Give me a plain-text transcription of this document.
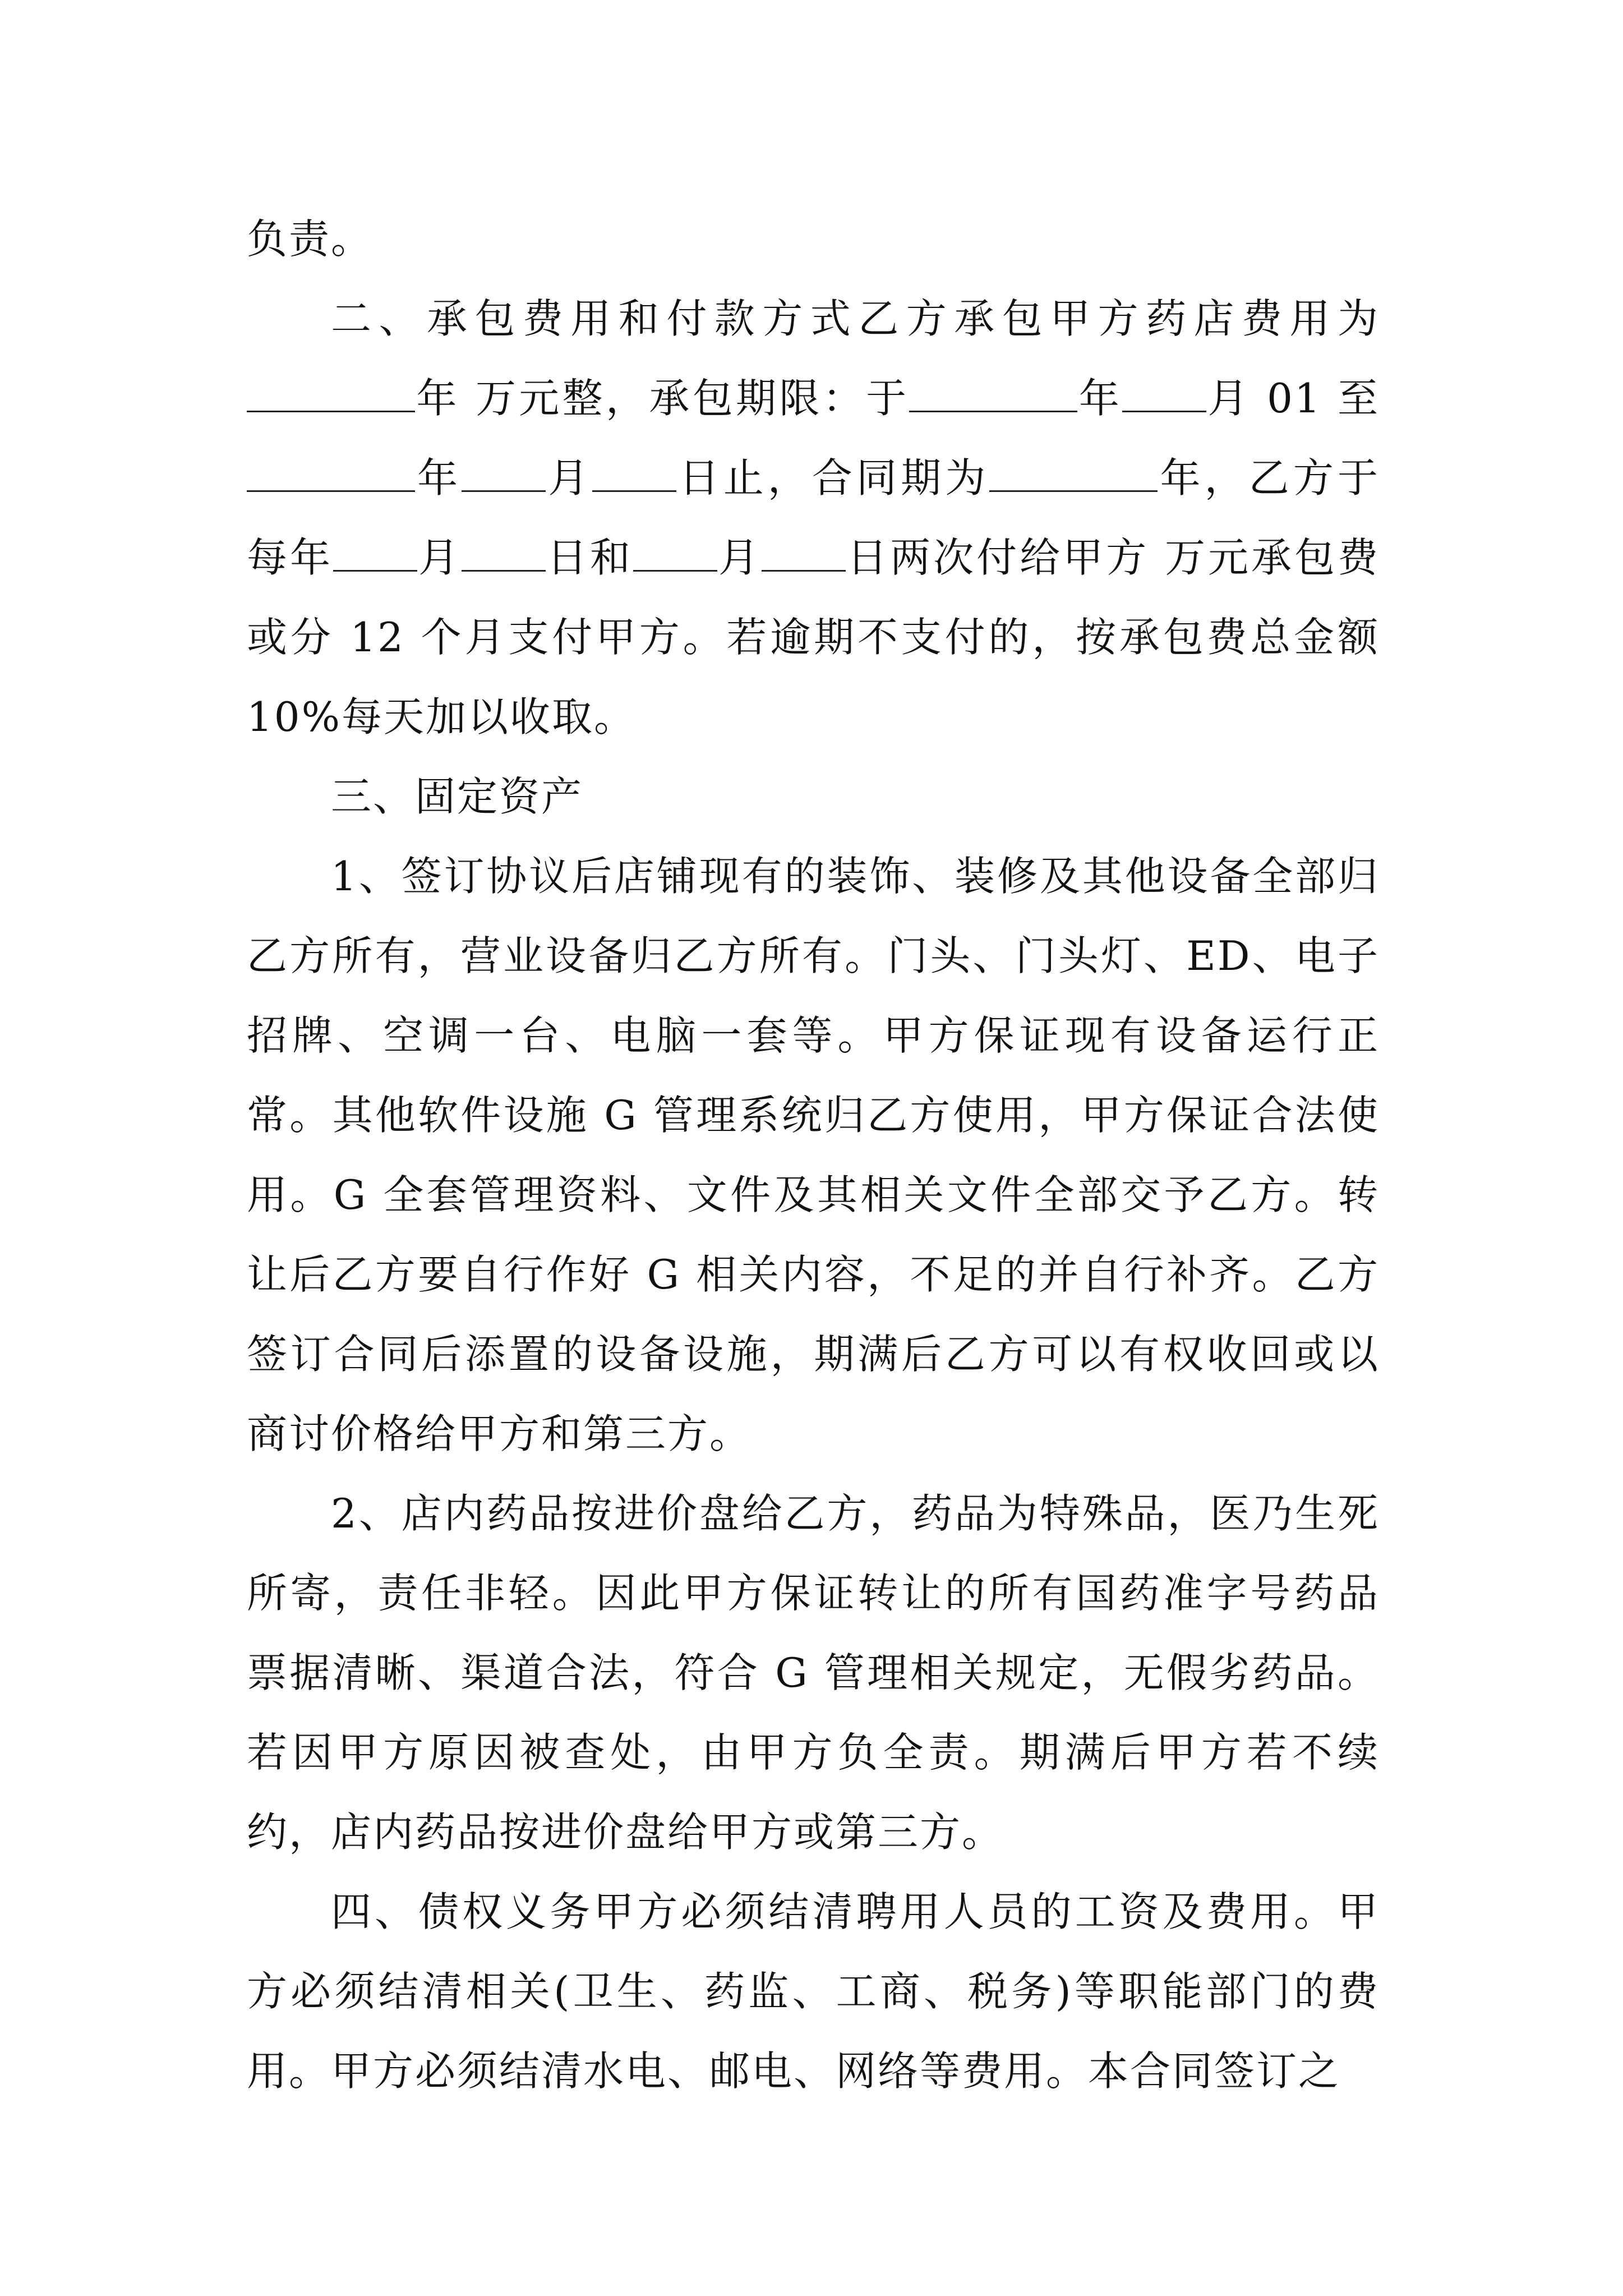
负责。

二、承包费用和付款方式乙方承包甲方药店费用为年 万元整，承包期限：于	年 月 01 至年 月 日止，合同期为	年，乙方于每年 月 日和 月 日两次付给甲方 万元承包费或分 12 个月支付甲方。若逾期不支付的，按承包费总金额 10%每天加以收取。

三、固定资产

1、签订协议后店铺现有的装饰、装修及其他设备全部归乙方所有，营业设备归乙方所有。门头、门头灯、ED、电子招牌、空调一台、电脑一套等。甲方保证现有设备运行正常。其他软件设施 G 管理系统归乙方使用，甲方保证合法使用。G 全套管理资料、文件及其相关文件全部交予乙方。转让后乙方要自行作好 G 相关内容，不足的并自行补齐。乙方签订合同后添置的设备设施，期满后乙方可以有权收回或以商讨价格给甲方和第三方。

2、店内药品按进价盘给乙方，药品为特殊品，医乃生死所寄，责任非轻。因此甲方保证转让的所有国药准字号药品票据清晰、渠道合法，符合 G 管理相关规定，无假劣药品。若因甲方原因被查处，由甲方负全责。期满后甲方若不续约，店内药品按进价盘给甲方或第三方。

四、债权义务甲方必须结清聘用人员的工资及费用。甲方必须结清相关(卫生、药监、工商、税务)等职能部门的费用。甲方必须结清水电、邮电、网络等费用。本合同签订之
